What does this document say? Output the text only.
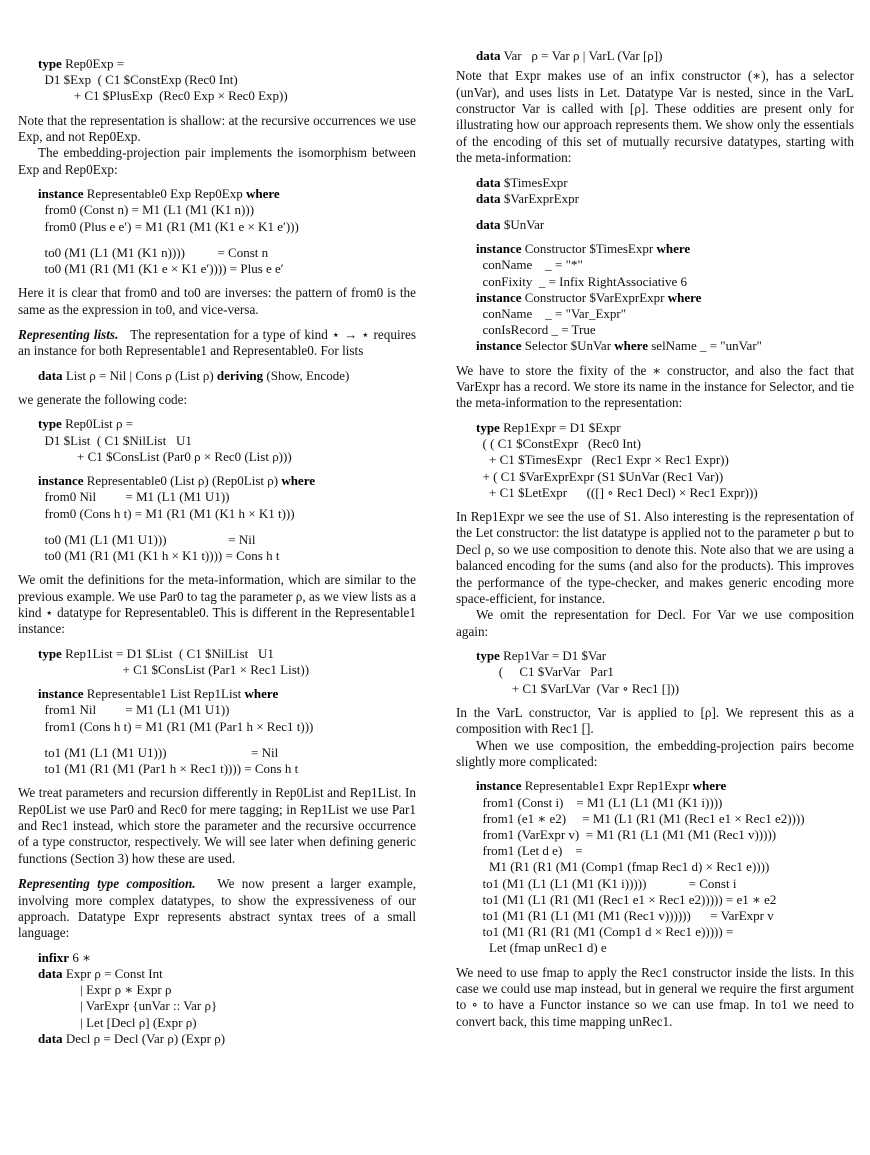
type Rep0Exp =
D1 $Exp  ( C1 $ConstExp (Rec0 Int)
+ C1 $PlusExp  (Rec0 Exp × Rec0 Exp))

Note that the representation is shallow: at the recursive occurrences we use Exp, and not Rep0Exp.

The embedding-projection pair implements the isomorphism between Exp and Rep0Exp:

instance Representable0 Exp Rep0Exp where
from0 (Const n) = M1 (L1 (M1 (K1 n)))
from0 (Plus e e′) = M1 (R1 (M1 (K1 e × K1 e′)))
to0 (M1 (L1 (M1 (K1 n))))          = Const n
to0 (M1 (R1 (M1 (K1 e × K1 e′)))) = Plus e e′

Here it is clear that from0 and to0 are inverses: the pattern of from0 is the same as the expression in to0, and vice-versa.

Representing lists. The representation for a type of kind ⋆ → ⋆ requires an instance for both Representable1 and Representable0. For lists

data List ρ = Nil | Cons ρ (List ρ) deriving (Show, Encode)

we generate the following code:

type Rep0List ρ =
D1 $List  ( C1 $NilList   U1
+ C1 $ConsList (Par0 ρ × Rec0 (List ρ)))
instance Representable0 (List ρ) (Rep0List ρ) where
from0 Nil         = M1 (L1 (M1 U1))
from0 (Cons h t) = M1 (R1 (M1 (K1 h × K1 t)))
to0 (M1 (L1 (M1 U1)))                   = Nil
to0 (M1 (R1 (M1 (K1 h × K1 t)))) = Cons h t

We omit the definitions for the meta-information, which are similar to the previous example. We use Par0 to tag the parameter ρ, as we view lists as a kind ⋆ datatype for Representable0. This is different in the Representable1 instance:

type Rep1List = D1 $List  ( C1 $NilList   U1
+ C1 $ConsList (Par1 × Rec1 List))
instance Representable1 List Rep1List where
from1 Nil         = M1 (L1 (M1 U1))
from1 (Cons h t) = M1 (R1 (M1 (Par1 h × Rec1 t)))
to1 (M1 (L1 (M1 U1)))                          = Nil
to1 (M1 (R1 (M1 (Par1 h × Rec1 t)))) = Cons h t

We treat parameters and recursion differently in Rep0List and Rep1List. In Rep0List we use Par0 and Rec0 for mere tagging; in Rep1List we use Par1 and Rec1 instead, which store the parameter and the recursive occurrence of a type constructor, respectively. We will see later when defining generic functions (Section 3) how these are used.

Representing type composition. We now present a larger example, involving more complex datatypes, to show the expressiveness of our approach. Datatype Expr represents abstract syntax trees of a small language:

infixr 6 ∗
data Expr ρ = Const Int
| Expr ρ ∗ Expr ρ
| VarExpr {unVar :: Var ρ}
| Let [Decl ρ] (Expr ρ)
data Decl ρ = Decl (Var ρ) (Expr ρ)
data Var   ρ = Var ρ | VarL (Var [ρ])

Note that Expr makes use of an infix constructor (∗), has a selector (unVar), and uses lists in Let. Datatype Var is nested, since in the VarL constructor Var is called with [ρ]. These oddities are present only for illustrating how our approach represents them. We show only the essentials of the encoding of this set of mutually recursive datatypes, starting with the meta-information:

data $TimesExpr
data $VarExprExpr
data $UnVar
instance Constructor $TimesExpr where
conName    _ = "*"
conFixity  _ = Infix RightAssociative 6
instance Constructor $VarExprExpr where
conName    _ = "Var_Expr"
conIsRecord _ = True
instance Selector $UnVar where selName _ = "unVar"

We have to store the fixity of the ∗ constructor, and also the fact that VarExpr has a record. We store its name in the instance for Selector, and tie the meta-information to the representation:

type Rep1Expr = D1 $Expr
( ( C1 $ConstExpr   (Rec0 Int)
+ C1 $TimesExpr   (Rec1 Expr × Rec1 Expr))
+ ( C1 $VarExprExpr (S1 $UnVar (Rec1 Var))
+ C1 $LetExpr      (([] ∘ Rec1 Decl) × Rec1 Expr)))

In Rep1Expr we see the use of S1. Also interesting is the representation of the Let constructor: the list datatype is applied not to the parameter ρ but to Decl ρ, so we use composition to denote this. Note also that we are using a balanced encoding for the sums (and also for the products). This improves the performance of the type-checker, and makes generic encoding more space-efficient, for instance.

We omit the representation for Decl. For Var we use composition again:

type Rep1Var = D1 $Var
(     C1 $VarVar   Par1
+ C1 $VarLVar  (Var ∘ Rec1 []))

In the VarL constructor, Var is applied to [ρ]. We represent this as a composition with Rec1 [].

When we use composition, the embedding-projection pairs become slightly more complicated:

instance Representable1 Expr Rep1Expr where
from1 (Const i)    = M1 (L1 (L1 (M1 (K1 i))))
from1 (e1 ∗ e2)     = M1 (L1 (R1 (M1 (Rec1 e1 × Rec1 e2))))
from1 (VarExpr v)  = M1 (R1 (L1 (M1 (M1 (Rec1 v)))))
from1 (Let d e)    =
M1 (R1 (R1 (M1 (Comp1 (fmap Rec1 d) × Rec1 e))))
to1 (M1 (L1 (L1 (M1 (K1 i)))))             = Const i
to1 (M1 (L1 (R1 (M1 (Rec1 e1 × Rec1 e2))))) = e1 ∗ e2
to1 (M1 (R1 (L1 (M1 (M1 (Rec1 v))))))      = VarExpr v
to1 (M1 (R1 (R1 (M1 (Comp1 d × Rec1 e))))) =
Let (fmap unRec1 d) e

We need to use fmap to apply the Rec1 constructor inside the lists. In this case we could use map instead, but in general we require the first argument to ∘ to have a Functor instance so we can use fmap. In to1 we need to convert back, this time mapping unRec1.
